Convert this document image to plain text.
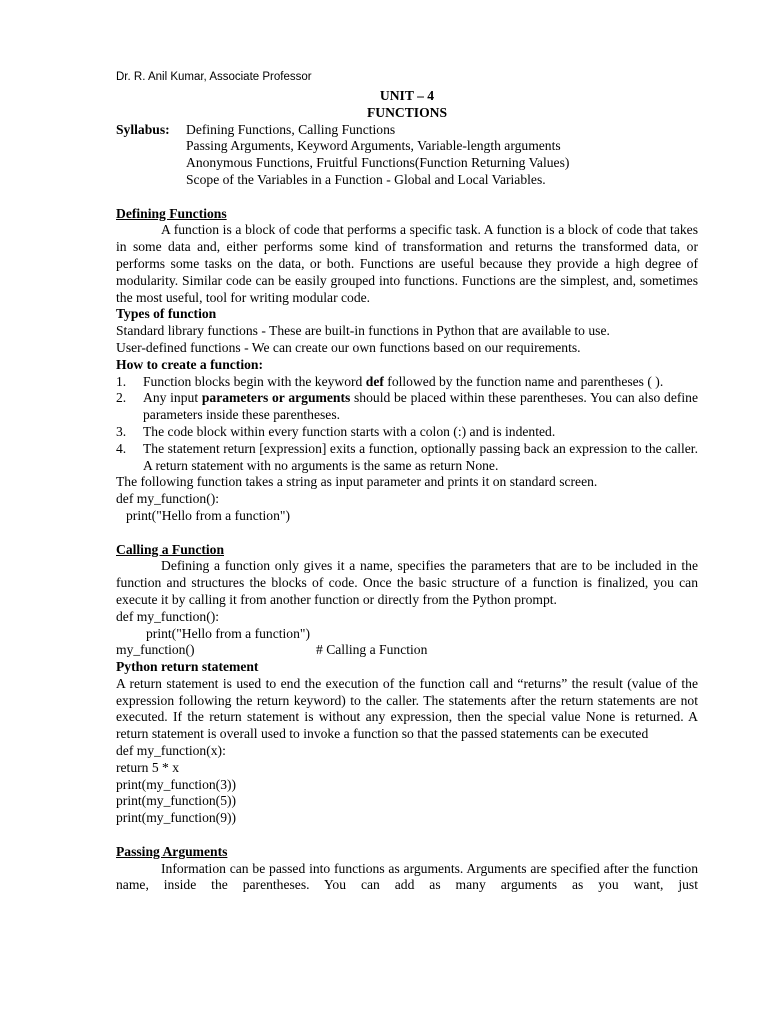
Dr. R. Anil Kumar, Associate Professor

UNIT – 4

FUNCTIONS

Syllabus:	Defining Functions, Calling Functions
Passing Arguments, Keyword Arguments, Variable-length arguments
Anonymous Functions, Fruitful Functions(Function Returning Values)
Scope of the Variables in a Function - Global and Local Variables.

Defining Functions

A function is a block of code that performs a specific task. A function is a block of code that takes in some data and, either performs some kind of transformation and returns the transformed data, or performs some tasks on the data, or both. Functions are useful because they provide a high degree of modularity. Similar code can be easily grouped into functions. Functions are the simplest, and, sometimes the most useful, tool for writing modular code.

Types of function

Standard library functions - These are built-in functions in Python that are available to use.

User-defined functions - We can create our own functions based on our requirements.

How to create a function:

1.	Function blocks begin with the keyword def followed by the function name and parentheses ( ).
2.	Any input parameters or arguments should be placed within these parentheses. You can also define parameters inside these parentheses.
3.	The code block within every function starts with a colon (:) and is indented.
4.	The statement return [expression] exits a function, optionally passing back an expression to the caller. A return statement with no arguments is the same as return None.

The following function takes a string as input parameter and prints it on standard screen.

def my_function():

print("Hello from a function")

Calling a Function

Defining a function only gives it a name, specifies the parameters that are to be included in the function and structures the blocks of code. Once the basic structure of a function is finalized, you can execute it by calling it from another function or directly from the Python prompt.

def my_function():

print("Hello from a function")

my_function()	# Calling a Function

Python return statement

A return statement is used to end the execution of the function call and “returns” the result (value of the expression following the return keyword) to the caller. The statements after the return statements are not executed. If the return statement is without any expression, then the special value None is returned. A return statement is overall used to invoke a function so that the passed statements can be executed

def my_function(x):

return 5 * x

print(my_function(3))

print(my_function(5))

print(my_function(9))

Passing Arguments

Information can be passed into functions as arguments. Arguments are specified after the function name, inside the parentheses. You can add as many arguments as you want, just
